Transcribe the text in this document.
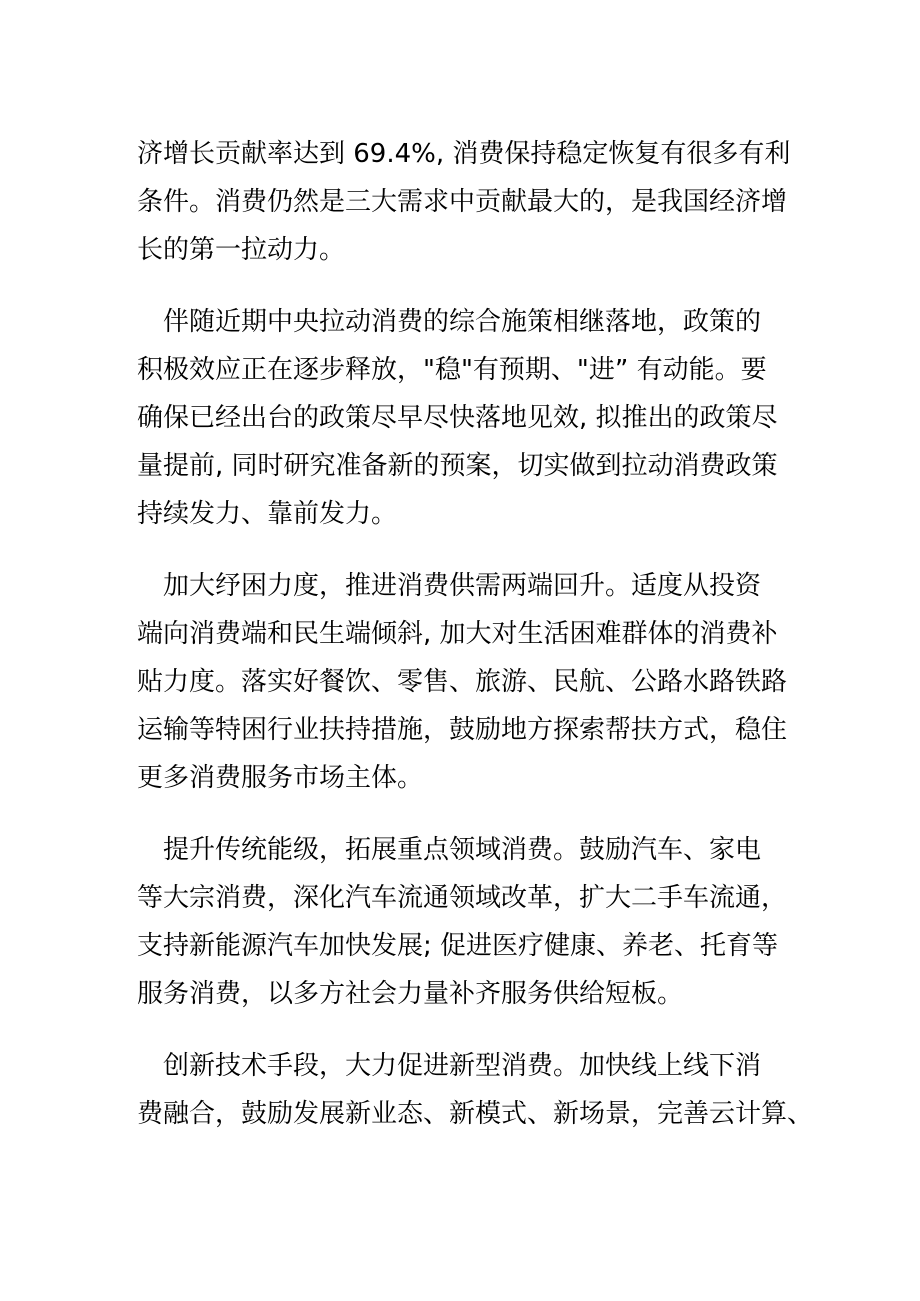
济增长贡献率达到 69.4%, 消费保持稳定恢复有很多有利
条件。消费仍然是三大需求中贡献最大的，是我国经济增
长的第一拉动力。
　伴随近期中央拉动消费的综合施策相继落地，政策的
积极效应正在逐步释放，"稳"有预期、"进” 有动能。要
确保已经出台的政策尽早尽快落地见效, 拟推出的政策尽
量提前, 同时研究准备新的预案，切实做到拉动消费政策
持续发力、靠前发力。
　加大纾困力度，推进消费供需两端回升。适度从投资
端向消费端和民生端倾斜, 加大对生活困难群体的消费补
贴力度。落实好餐饮、零售、旅游、民航、公路水路铁路
运输等特困行业扶持措施，鼓励地方探索帮扶方式，稳住
更多消费服务市场主体。
　提升传统能级，拓展重点领域消费。鼓励汽车、家电
等大宗消费，深化汽车流通领域改革，扩大二手车流通，
支持新能源汽车加快发展; 促进医疗健康、养老、托育等
服务消费，以多方社会力量补齐服务供给短板。
　创新技术手段，大力促进新型消费。加快线上线下消
费融合，鼓励发展新业态、新模式、新场景，完善云计算、
